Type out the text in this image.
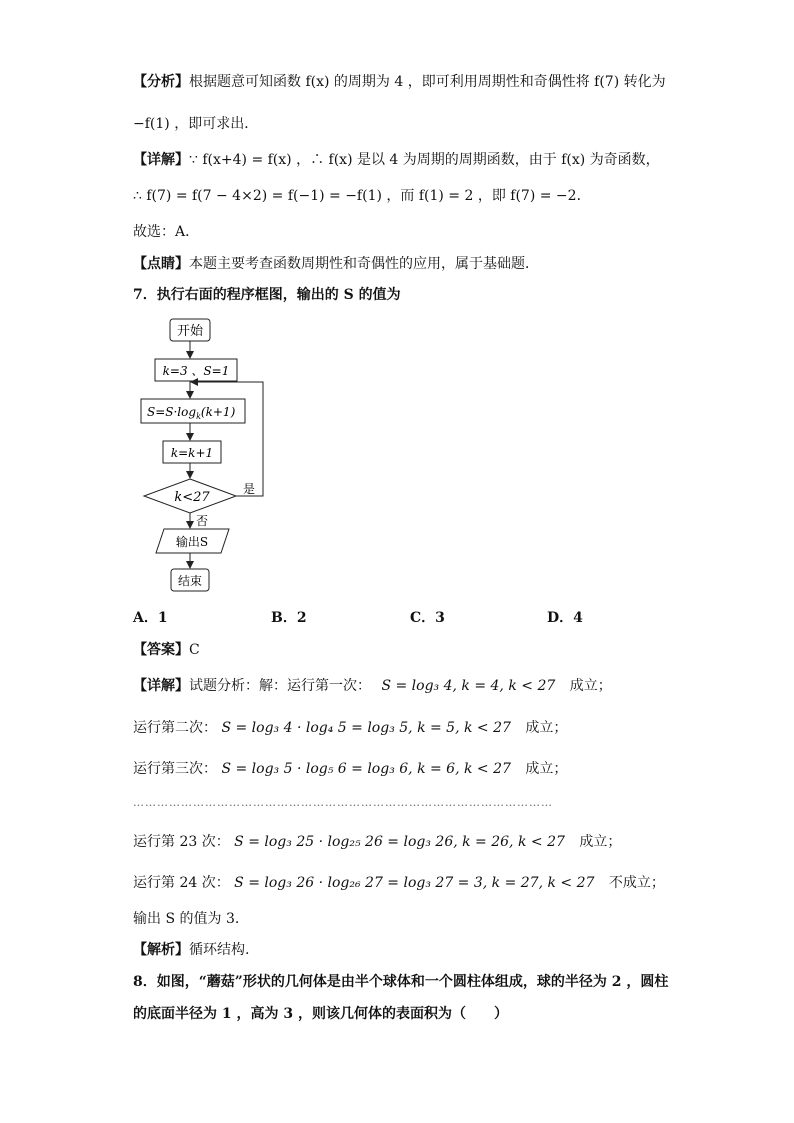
【分析】根据题意可知函数 f(x) 的周期为 4 ，即可利用周期性和奇偶性将 f(7) 转化为
−f(1) ，即可求出．
【详解】∵ f(x+4) = f(x) ，∴ f(x) 是以 4 为周期的周期函数，由于 f(x) 为奇函数，
∴ f(7) = f(7 − 4×2) = f(−1) = −f(1) ，而 f(1) = 2 ，即 f(7) = −2．
故选：A．
【点睛】本题主要考查函数周期性和奇偶性的应用，属于基础题．
7．执行右面的程序框图，输出的 S 的值为
开始
k=3 、S=1
$S=S\cdot\log_k(k+1)$
k=k+1
k<27
是
否
输出S
结束
A．1	B．2	C．3	D．4
【答案】C
【详解】试题分析：解：运行第一次： S = log₃ 4, k = 4, k < 27 成立；
运行第二次： S = log₃ 4 · log₄ 5 = log₃ 5, k = 5, k < 27 成立；
运行第三次： S = log₃ 5 · log₅ 6 = log₃ 6, k = 6, k < 27 成立；
……………………………………………………………………………………………
运行第 23 次： S = log₃ 25 · log₂₅ 26 = log₃ 26, k = 26, k < 27 成立；
运行第 24 次： S = log₃ 26 · log₂₆ 27 = log₃ 27 = 3, k = 27, k < 27 不成立；
输出 S 的值为 3.
【解析】循环结构.
8．如图，“蘑菇”形状的几何体是由半个球体和一个圆柱体组成，球的半径为 2 ，圆柱
的底面半径为 1 ，高为 3 ，则该几何体的表面积为（　　）
